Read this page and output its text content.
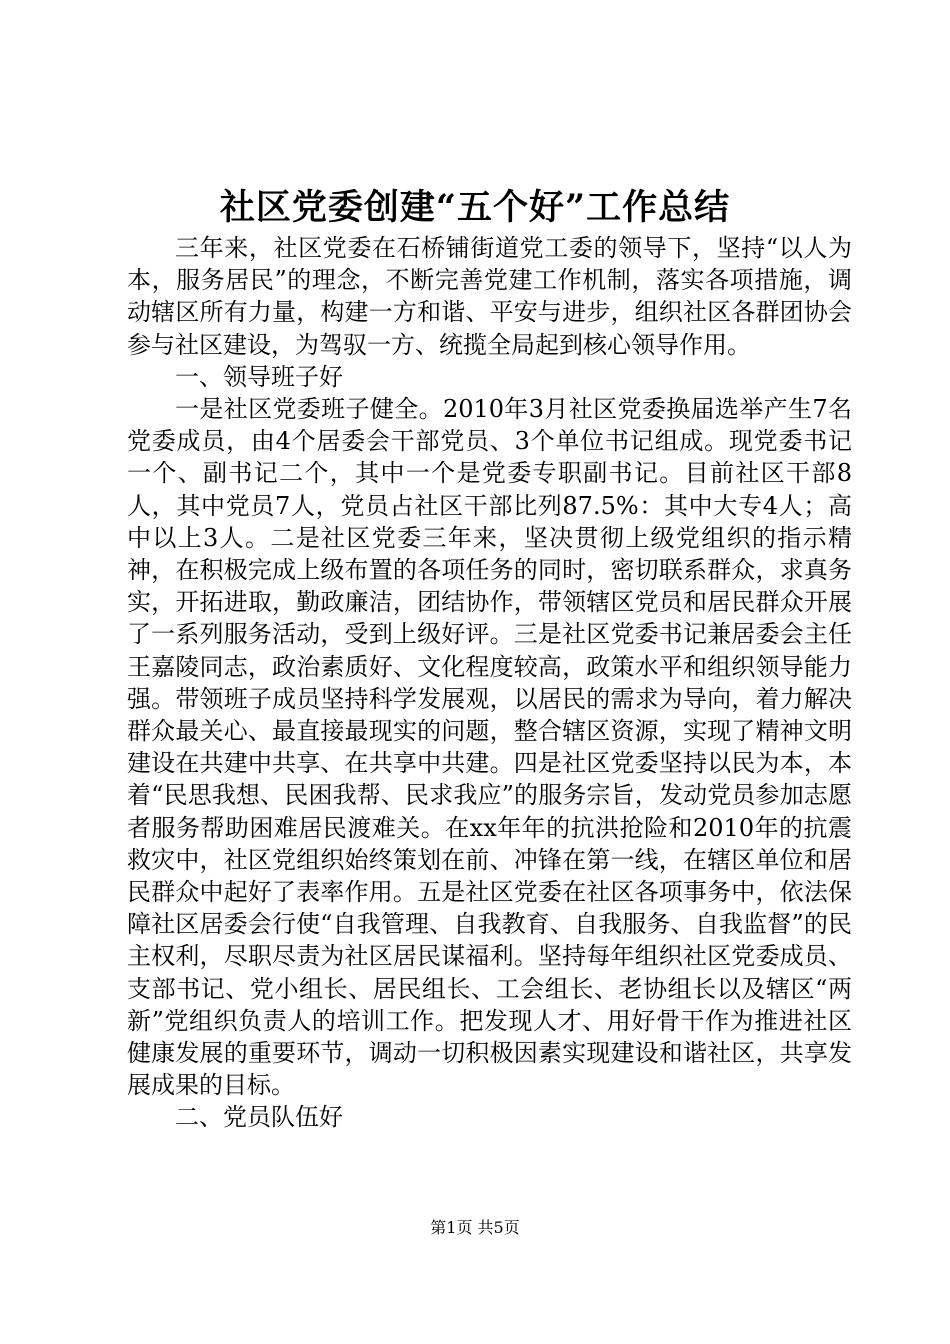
社区党委创建“五个好”工作总结

三年来，社区党委在石桥铺街道党工委的领导下，坚持“以人为本，服务居民”的理念，不断完善党建工作机制，落实各项措施，调动辖区所有力量，构建一方和谐、平安与进步，组织社区各群团协会参与社区建设，为驾驭一方、统揽全局起到核心领导作用。

一、领导班子好

一是社区党委班子健全。2010年3月社区党委换届选举产生7名党委成员，由4个居委会干部党员、3个单位书记组成。现党委书记一个、副书记二个，其中一个是党委专职副书记。目前社区干部8人，其中党员7人，党员占社区干部比列87.5%：其中大专4人；高中以上3人。二是社区党委三年来，坚决贯彻上级党组织的指示精神，在积极完成上级布置的各项任务的同时，密切联系群众，求真务实，开拓进取，勤政廉洁，团结协作，带领辖区党员和居民群众开展了一系列服务活动，受到上级好评。三是社区党委书记兼居委会主任王嘉陵同志，政治素质好、文化程度较高，政策水平和组织领导能力强。带领班子成员坚持科学发展观，以居民的需求为导向，着力解决群众最关心、最直接最现实的问题，整合辖区资源，实现了精神文明建设在共建中共享、在共享中共建。四是社区党委坚持以民为本，本着“民思我想、民困我帮、民求我应”的服务宗旨，发动党员参加志愿者服务帮助困难居民渡难关。在xx年年的抗洪抢险和2010年的抗震救灾中，社区党组织始终策划在前、冲锋在第一线，在辖区单位和居民群众中起好了表率作用。五是社区党委在社区各项事务中，依法保障社区居委会行使“自我管理、自我教育、自我服务、自我监督”的民主权利，尽职尽责为社区居民谋福利。坚持每年组织社区党委成员、支部书记、党小组长、居民组长、工会组长、老协组长以及辖区“两新”党组织负责人的培训工作。把发现人才、用好骨干作为推进社区健康发展的重要环节，调动一切积极因素实现建设和谐社区，共享发展成果的目标。

二、党员队伍好

第1页 共5页
